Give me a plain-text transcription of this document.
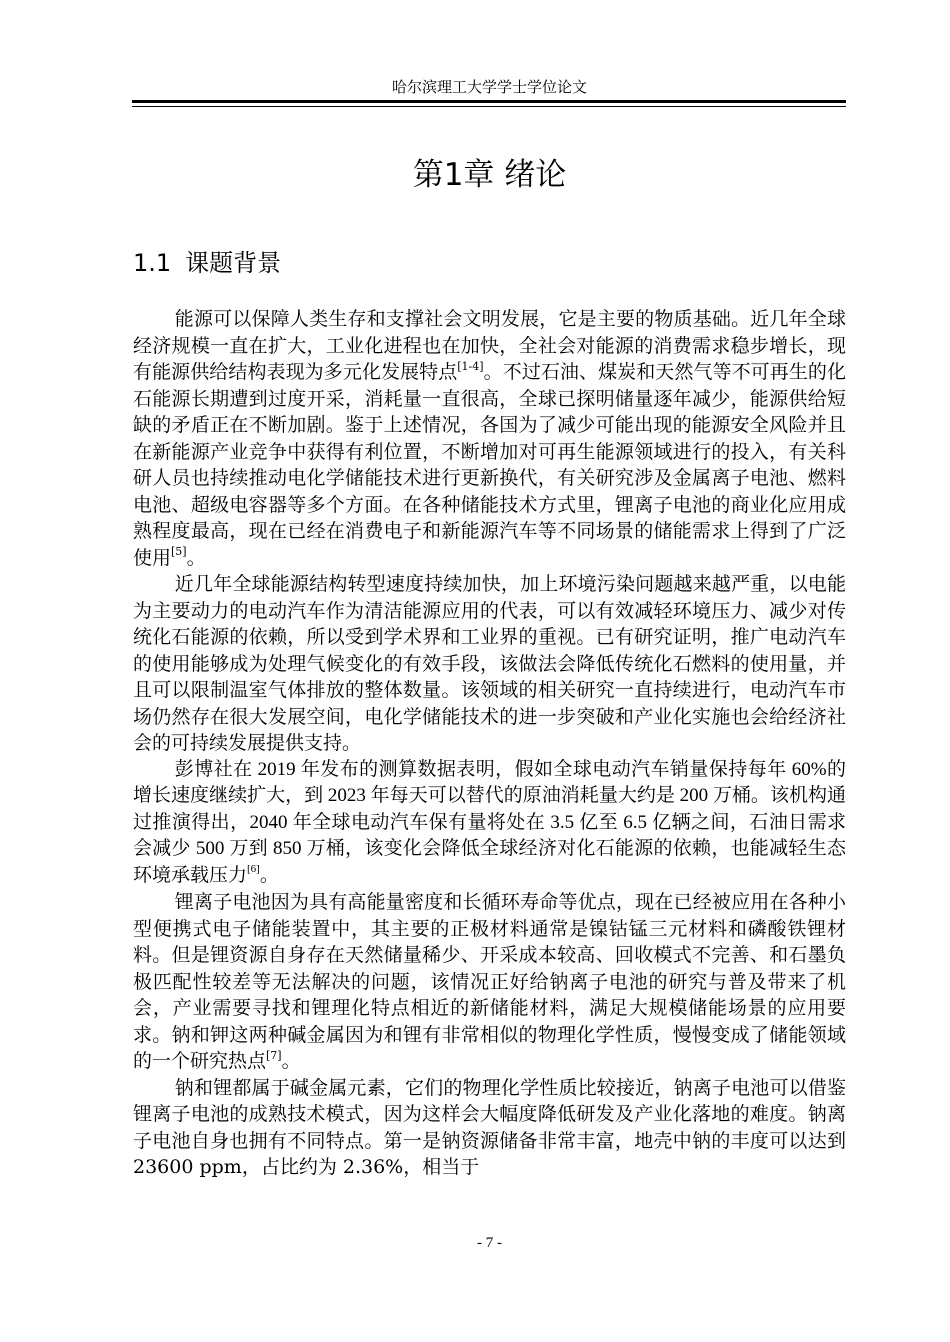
哈尔滨理工大学学士学位论文
第1章 绪论
1.1 课题背景

能源可以保障人类生存和支撑社会文明发展，它是主要的物质基础。近几年全球经济规模一直在扩大，工业化进程也在加快，全社会对能源的消费需求稳步增长，现有能源供给结构表现为多元化发展特点[1-4]。不过石油、煤炭和天然气等不可再生的化石能源长期遭到过度开采，消耗量一直很高，全球已探明储量逐年减少，能源供给短缺的矛盾正在不断加剧。鉴于上述情况，各国为了减少可能出现的能源安全风险并且在新能源产业竞争中获得有利位置，不断增加对可再生能源领域进行的投入，有关科研人员也持续推动电化学储能技术进行更新换代，有关研究涉及金属离子电池、燃料电池、超级电容器等多个方面。在各种储能技术方式里，锂离子电池的商业化应用成熟程度最高，现在已经在消费电子和新能源汽车等不同场景的储能需求上得到了广泛使用[5]。

近几年全球能源结构转型速度持续加快，加上环境污染问题越来越严重，以电能为主要动力的电动汽车作为清洁能源应用的代表，可以有效减轻环境压力、减少对传统化石能源的依赖，所以受到学术界和工业界的重视。已有研究证明，推广电动汽车的使用能够成为处理气候变化的有效手段，该做法会降低传统化石燃料的使用量，并且可以限制温室气体排放的整体数量。该领域的相关研究一直持续进行，电动汽车市场仍然存在很大发展空间，电化学储能技术的进一步突破和产业化实施也会给经济社会的可持续发展提供支持。

彭博社在 2019 年发布的测算数据表明，假如全球电动汽车销量保持每年 60%的增长速度继续扩大，到 2023 年每天可以替代的原油消耗量大约是 200 万桶。该机构通过推演得出，2040 年全球电动汽车保有量将处在 3.5 亿至 6.5 亿辆之间，石油日需求会减少 500 万到 850 万桶，该变化会降低全球经济对化石能源的依赖，也能减轻生态环境承载压力[6]。

锂离子电池因为具有高能量密度和长循环寿命等优点，现在已经被应用在各种小型便携式电子储能装置中，其主要的正极材料通常是镍钴锰三元材料和磷酸铁锂材料。但是锂资源自身存在天然储量稀少、开采成本较高、回收模式不完善、和石墨负极匹配性较差等无法解决的问题，该情况正好给钠离子电池的研究与普及带来了机会，产业需要寻找和锂理化特点相近的新储能材料，满足大规模储能场景的应用要求。钠和钾这两种碱金属因为和锂有非常相似的物理化学性质，慢慢变成了储能领域的一个研究热点[7]。

钠和锂都属于碱金属元素，它们的物理化学性质比较接近，钠离子电池可以借鉴锂离子电池的成熟技术模式，因为这样会大幅度降低研发及产业化落地的难度。钠离子电池自身也拥有不同特点。第一是钠资源储备非常丰富，地壳中钠的丰度可以达到 23600 ppm，占比约为 2.36%，相当于

- 7 -
